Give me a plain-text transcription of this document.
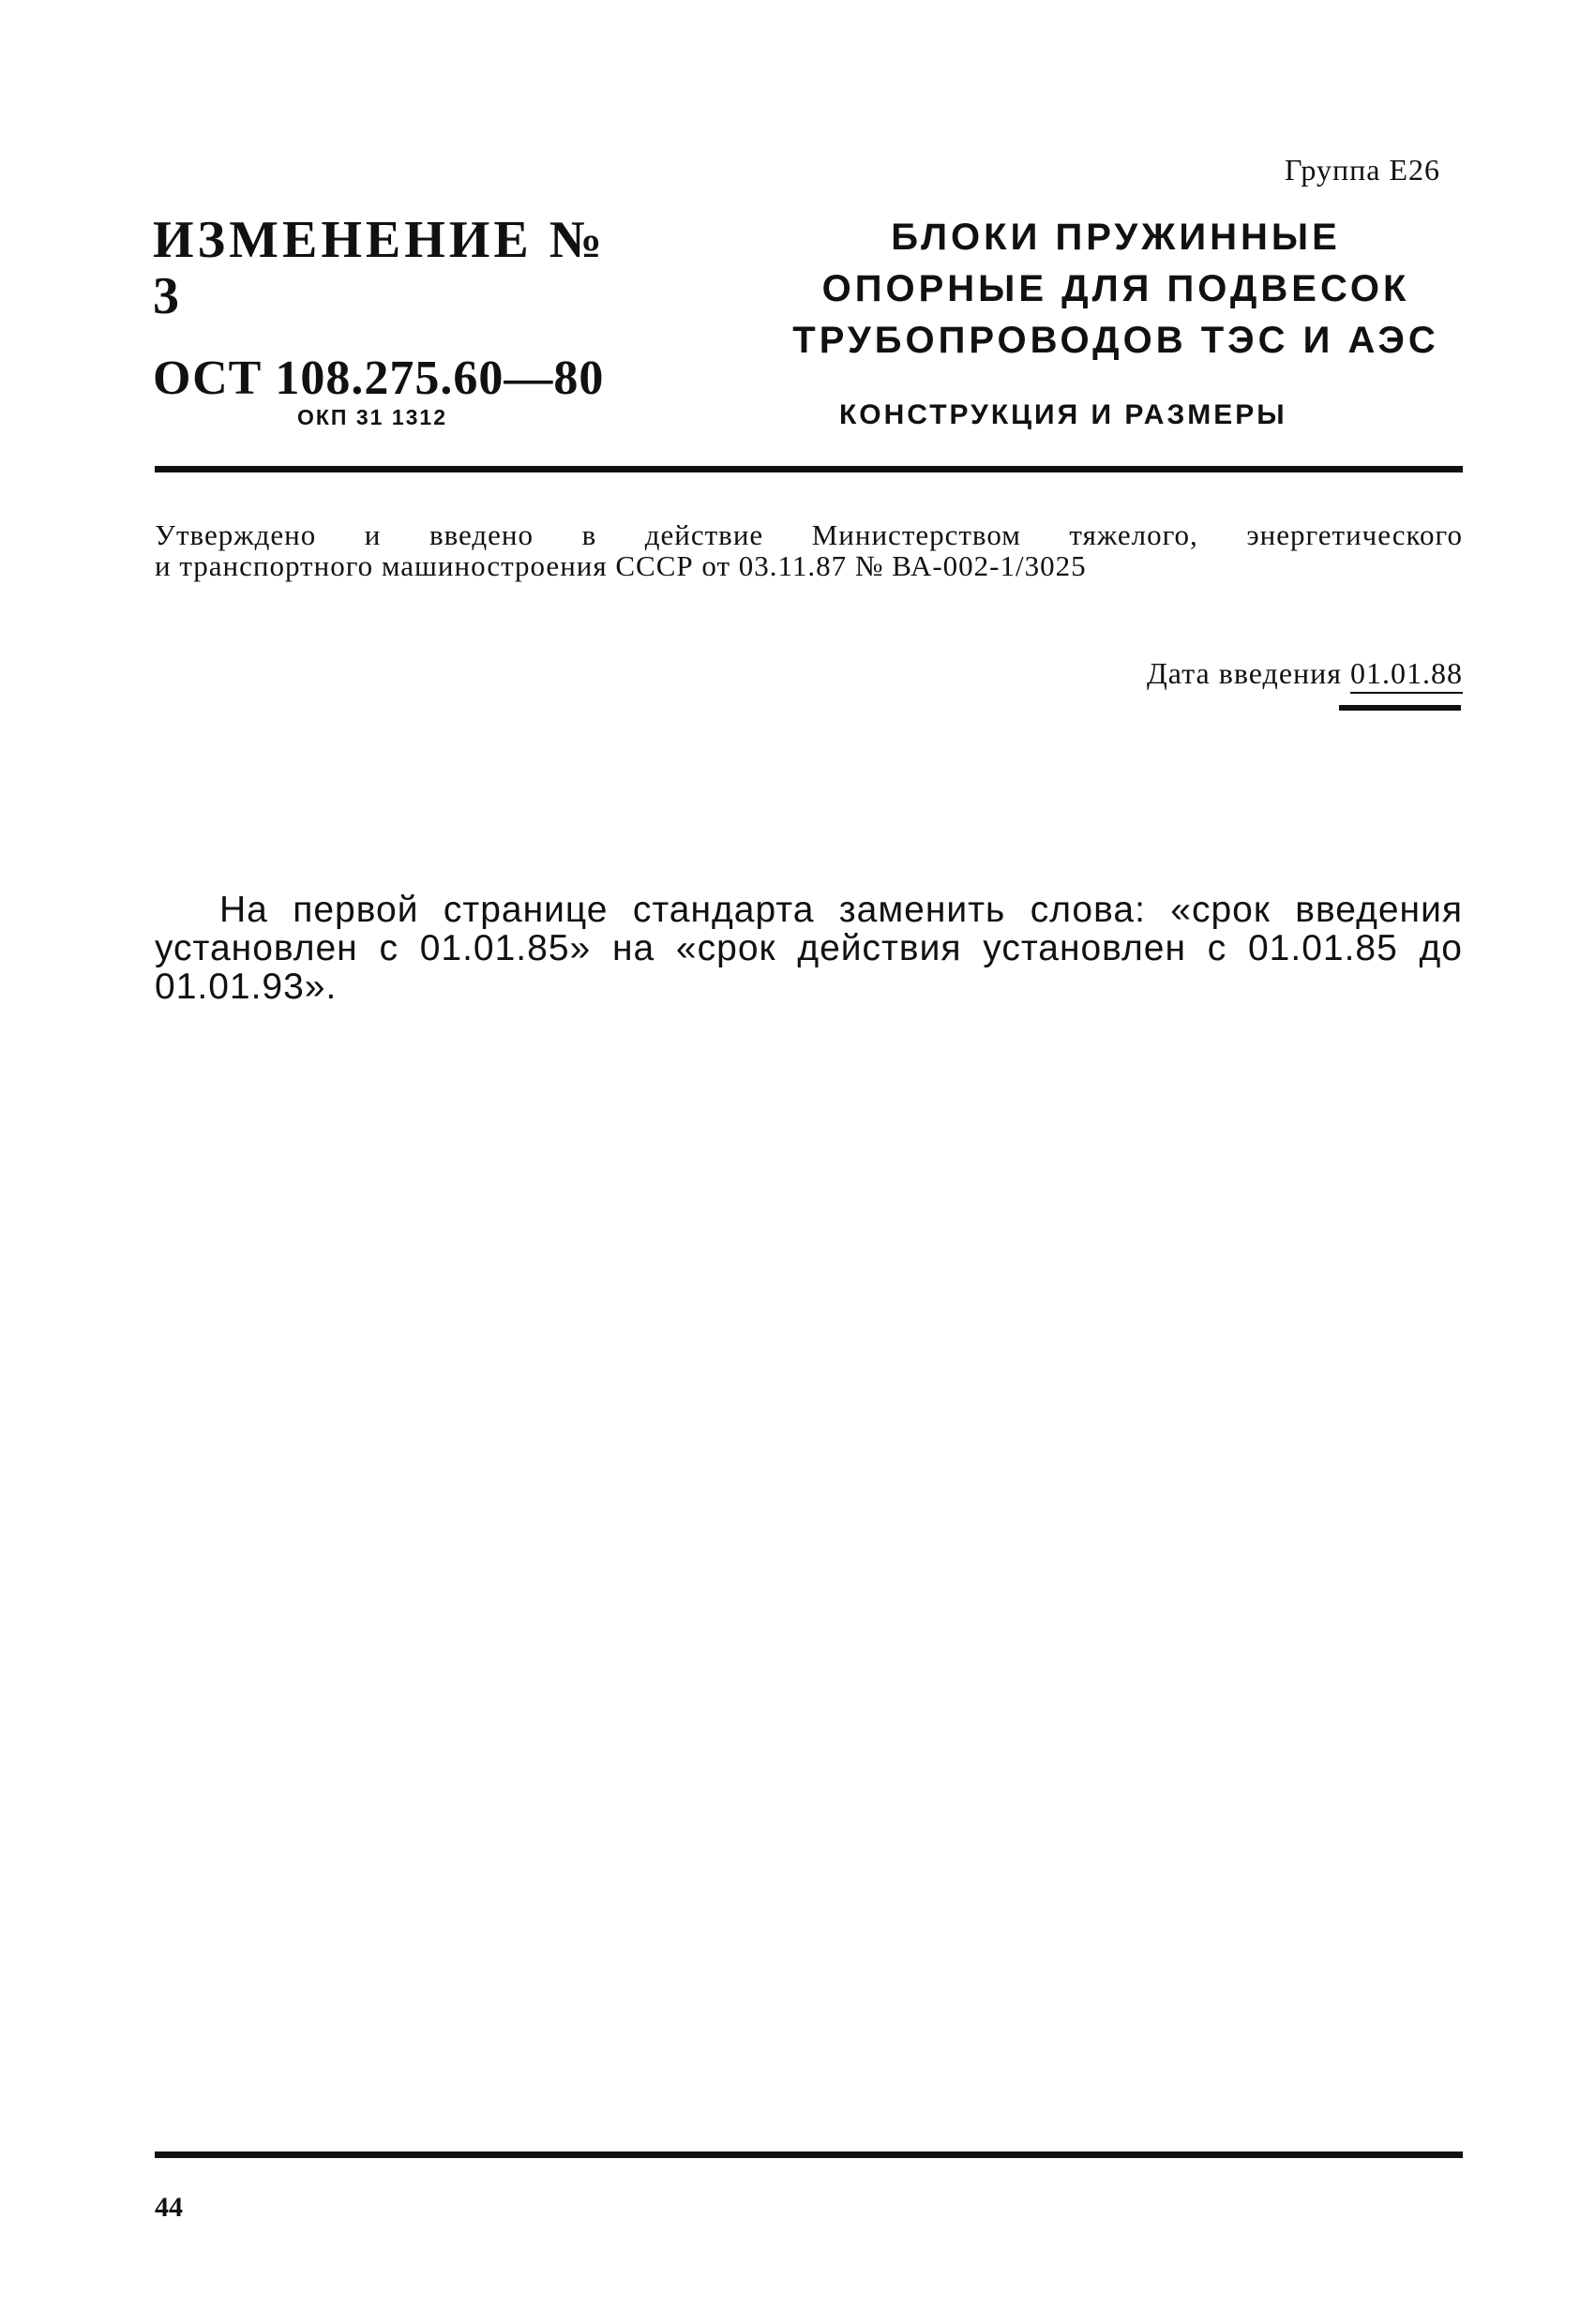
Группа Е26
ИЗМЕНЕНИЕ № 3
ОСТ 108.275.60—80
ОКП 31 1312
БЛОКИ ПРУЖИННЫЕ
ОПОРНЫЕ ДЛЯ ПОДВЕСОК
ТРУБОПРОВОДОВ ТЭС И АЭС
КОНСТРУКЦИЯ И РАЗМЕРЫ
Утверждено и введено в действие Министерством тяжелого, энергетического
и транспортного машиностроения СССР от 03.11.87 № ВА-002-1/3025
Дата введения 01.01.88
На первой странице стандарта заменить слова: «срок введения
установлен с 01.01.85» на «срок действия установлен с 01.01.85 до
01.01.93».
44
